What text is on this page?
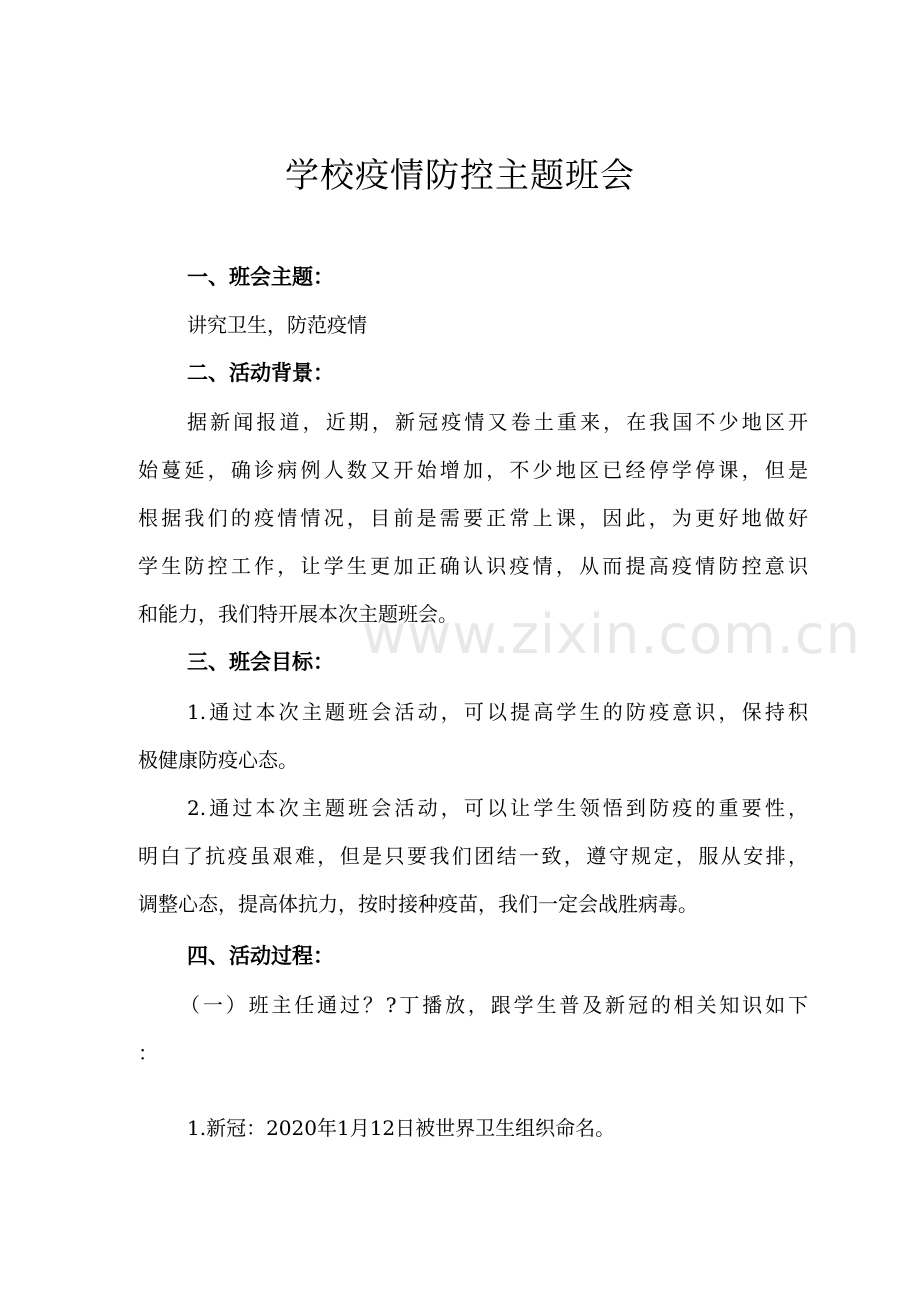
www.zixin.com.cn
学校疫情防控主题班会
一、班会主题：
讲究卫生，防范疫情
二、活动背景：
据新闻报道，近期，新冠疫情又卷土重来，在我国不少地区开
始蔓延，确诊病例人数又开始增加，不少地区已经停学停课，但是
根据我们的疫情情况，目前是需要正常上课，因此，为更好地做好
学生防控工作，让学生更加正确认识疫情，从而提高疫情防控意识
和能力，我们特开展本次主题班会。
三、班会目标：
1.通过本次主题班会活动，可以提高学生的防疫意识，保持积
极健康防疫心态。
2.通过本次主题班会活动，可以让学生领悟到防疫的重要性，
明白了抗疫虽艰难，但是只要我们团结一致，遵守规定，服从安排，
调整心态，提高体抗力，按时接种疫苗，我们一定会战胜病毒。
四、活动过程：
（一）班主任通过？?丁播放，跟学生普及新冠的相关知识如下
：
1.新冠：2020年1月12日被世界卫生组织命名。
